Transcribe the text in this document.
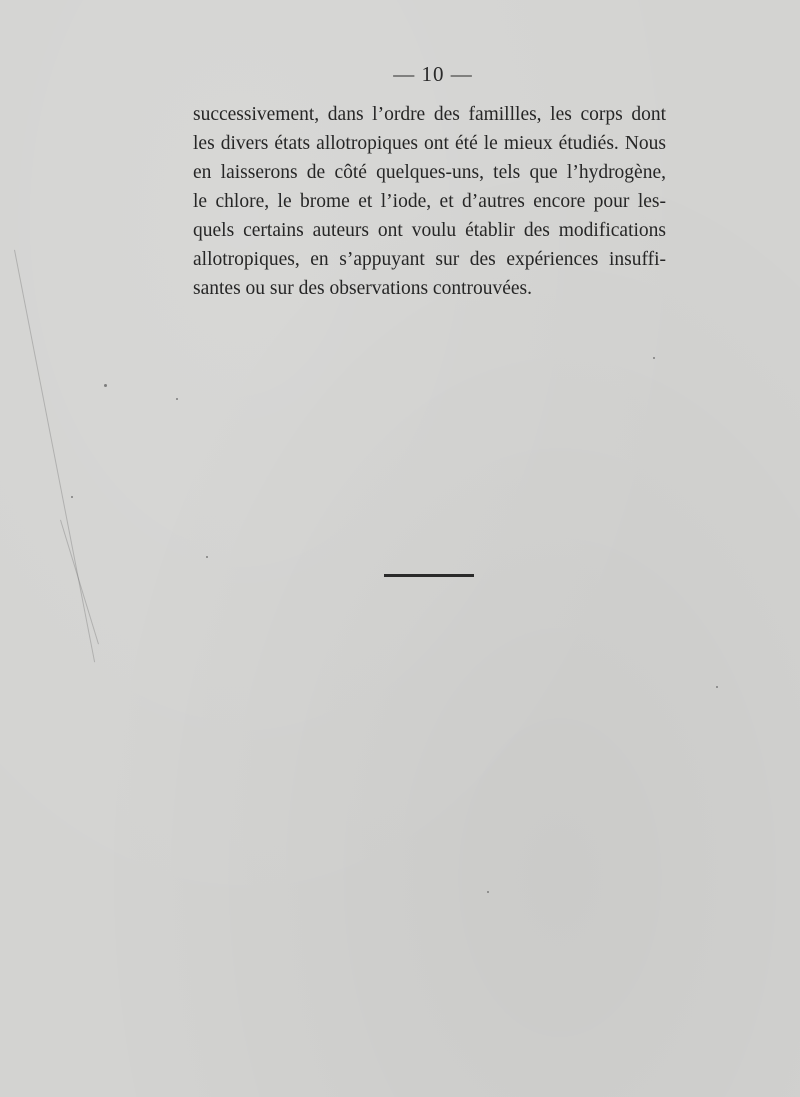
— 10 —
successivement, dans l’ordre des famillles, les corps dont
les divers états allotropiques ont été le mieux étudiés. Nous
en laisserons de côté quelques-uns, tels que l’hydrogène,
le chlore, le brome et l’iode, et d’autres encore pour les-
quels certains auteurs ont voulu établir des modifications
allotropiques, en s’appuyant sur des expériences insuffi-
santes ou sur des observations controuvées.
